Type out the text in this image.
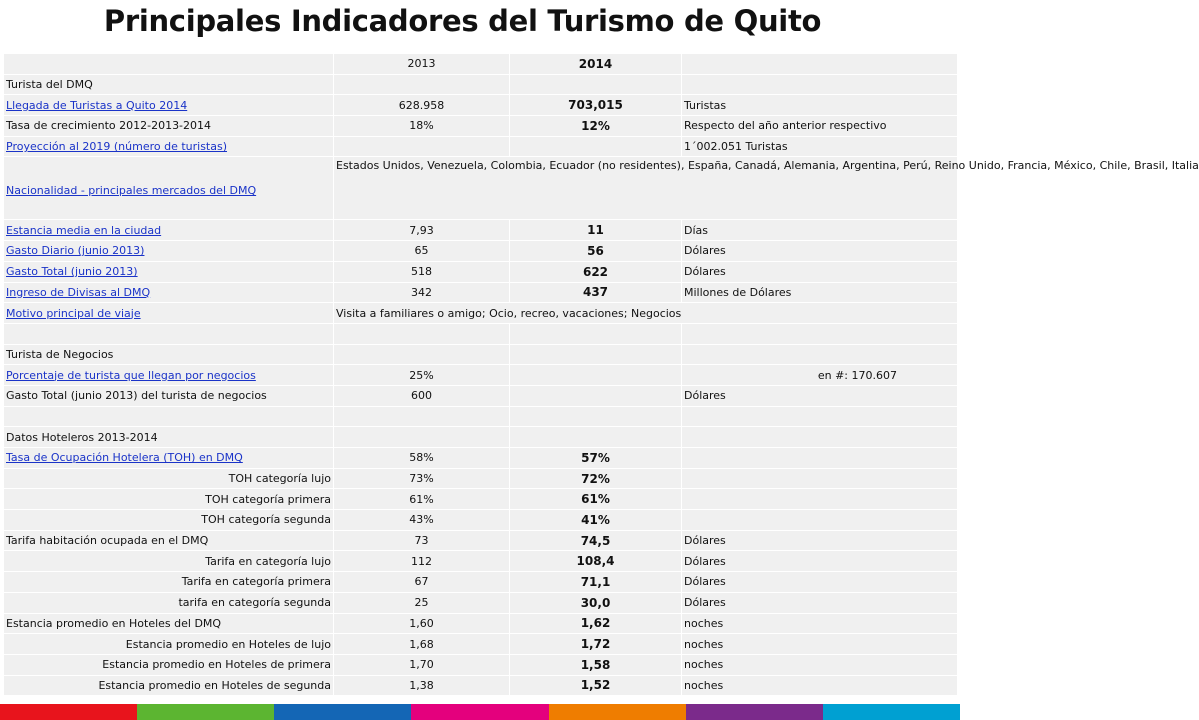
Principales Indicadores del Turismo de Quito
	2013	2014	
Turista del DMQ			
Llegada de Turistas a Quito 2014	628.958	703,015	Turistas
Tasa de crecimiento 2012-2013-2014	18%	12%	Respecto del año anterior respectivo
Proyección al 2019 (número de turistas)			1´002.051 Turistas
Nacionalidad - principales mercados del DMQ	Estados Unidos, Venezuela, Colombia, Ecuador (no residentes), España, Canadá, Alemania, Argentina, Perú, Reino Unido, Francia, México, Chile, Brasil, Italia		
Estancia media en la ciudad	7,93	11	Días
Gasto Diario (junio 2013)	65	56	Dólares
Gasto Total (junio 2013)	518	622	Dólares
Ingreso de Divisas al DMQ	342	437	Millones de Dólares
Motivo principal de viaje	Visita a familiares o amigo; Ocio, recreo, vacaciones; Negocios		

Turista de Negocios			
Porcentaje de turista que llegan por negocios	25%		en #: 170.607
Gasto Total (junio 2013) del turista de negocios	600		Dólares

Datos Hoteleros 2013-2014			
Tasa de Ocupación Hotelera (TOH) en DMQ	58%	57%	
TOH categoría lujo	73%	72%	
TOH categoría primera	61%	61%	
TOH categoría segunda	43%	41%	
Tarifa habitación ocupada en el DMQ	73	74,5	Dólares
Tarifa en categoría lujo	112	108,4	Dólares
Tarifa en categoría primera	67	71,1	Dólares
tarifa en categoría segunda	25	30,0	Dólares
Estancia promedio en Hoteles del DMQ	1,60	1,62	noches
Estancia promedio en Hoteles de lujo	1,68	1,72	noches
Estancia promedio en Hoteles de primera	1,70	1,58	noches
Estancia promedio en Hoteles de segunda	1,38	1,52	noches
